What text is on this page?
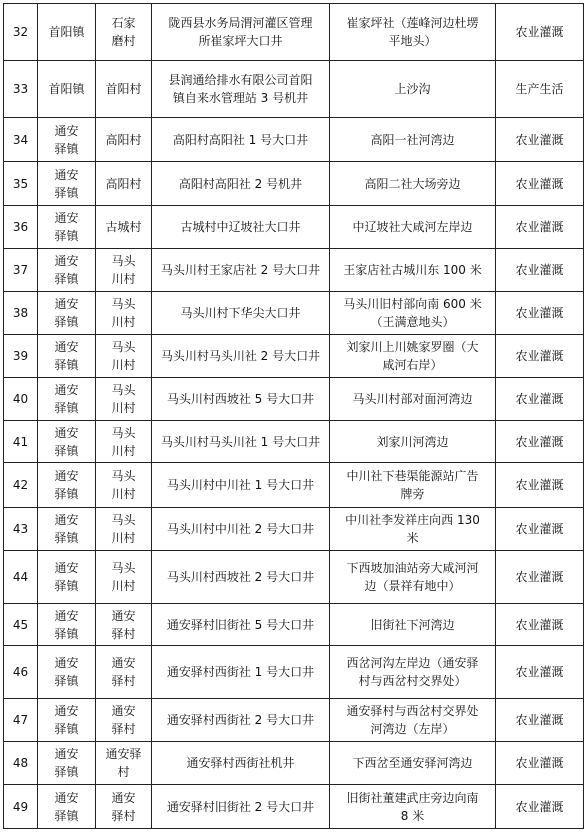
32	首阳镇	石家
磨村	陇西县水务局渭河灌区管理
所崔家坪大口井	崔家坪社（莲峰河边杜塄
平地头）	农业灌溉
33	首阳镇	首阳村	县润通给排水有限公司首阳
镇自来水管理站 3 号机井	上沙沟	生产生活
34	通安
驿镇	高阳村	高阳村高阳社 1 号大口井	高阳一社河湾边	农业灌溉
35	通安
驿镇	高阳村	高阳村高阳社 2 号机井	高阳二社大场旁边	农业灌溉
36	通安
驿镇	古城村	古城村中辽坡社大口井	中辽坡社大咸河左岸边	农业灌溉
37	通安
驿镇	马头
川村	马头川村王家店社 2 号大口井	王家店社古城川东 100 米	农业灌溉
38	通安
驿镇	马头
川村	马头川村下华尖大口井	马头川旧村部向南 600 米
（王满意地头）	农业灌溉
39	通安
驿镇	马头
川村	马头川村马头川社 2 号大口井	刘家川上川姚家罗圈（大
咸河右岸）	农业灌溉
40	通安
驿镇	马头
川村	马头川村西坡社 5 号大口井	马头川村部对面河湾边	农业灌溉
41	通安
驿镇	马头
川村	马头川村马头川社 1 号大口井	刘家川河湾边	农业灌溉
42	通安
驿镇	马头
川村	马头川村中川社 1 号大口井	中川社下巷渠能源站广告
牌旁	农业灌溉
43	通安
驿镇	马头
川村	马头川村中川社 2 号大口井	中川社李发祥庄向西 130
米	农业灌溉
44	通安
驿镇	马头
川村	马头川村西坡社 2 号大口井	下西坡加油站旁大咸河河
边（景祥有地中）	农业灌溉
45	通安
驿镇	通安
驿村	通安驿村旧街社 5 号大口井	旧街社下河湾边	农业灌溉
46	通安
驿镇	通安
驿村	通安驿村西街社 1 号大口井	西岔河沟左岸边（通安驿
村与西岔村交界处）	农业灌溉
47	通安
驿镇	通安
驿村	通安驿村西街社 2 号大口井	通安驿村与西岔村交界处
河湾边（左岸）	农业灌溉
48	通安
驿镇	通安驿
村	通安驿村西街社机井	下西岔至通安驿河湾边	农业灌溉
49	通安
驿镇	通安
驿村	通安驿村旧街社 2 号大口井	旧街社董建武庄旁边向南
8 米	农业灌溉
